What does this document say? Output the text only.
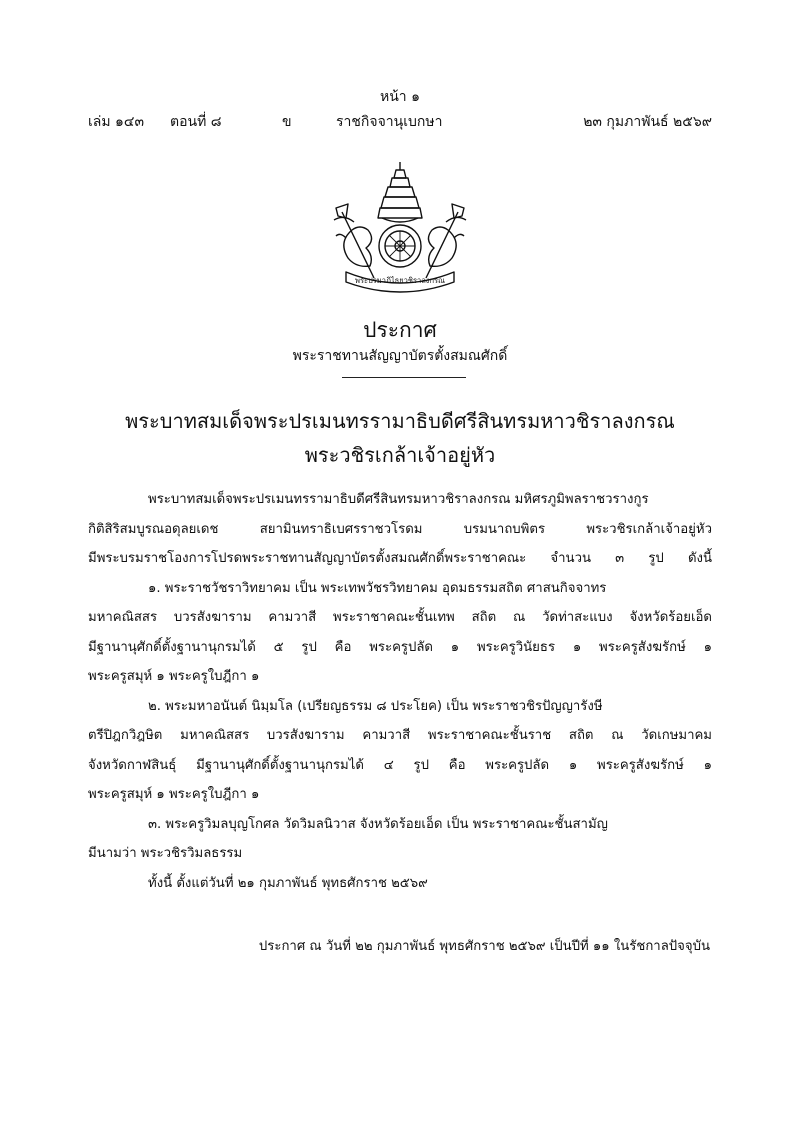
หน้า ๑
เล่ม ๑๔๓ ตอนที่ ๘	ข	ราชกิจจานุเบกษา	๒๓ กุมภาพันธ์ ๒๕๖๙
พระปรมาภิไธยวชิราลงกรณ
ประกาศ
พระราชทานสัญญาบัตรตั้งสมณศักดิ์
พระบาทสมเด็จพระปรเมนทรรามาธิบดีศรีสินทรมหาวชิราลงกรณ
พระวชิรเกล้าเจ้าอยู่หัว
พระบาทสมเด็จพระปรเมนทรรามาธิบดีศรีสินทรมหาวชิราลงกรณ มหิศรภูมิพลราชวรางกูร
กิติสิริสมบูรณอดุลยเดช สยามินทราธิเบศรราชวโรดม บรมนาถบพิตร พระวชิรเกล้าเจ้าอยู่หัว
มีพระบรมราชโองการโปรดพระราชทานสัญญาบัตรตั้งสมณศักดิ์พระราชาคณะ จำนวน ๓ รูป ดังนี้
๑. พระราชวัชราวิทยาคม เป็น พระเทพวัชรวิทยาคม อุดมธรรมสถิต ศาสนกิจจาทร
มหาคณิสสร บวรสังฆาราม คามวาสี พระราชาคณะชั้นเทพ สถิต ณ วัดท่าสะแบง จังหวัดร้อยเอ็ด
มีฐานานุศักดิ์ตั้งฐานานุกรมได้ ๕ รูป คือ พระครูปลัด ๑ พระครูวินัยธร ๑ พระครูสังฆรักษ์ ๑
พระครูสมุห์ ๑ พระครูใบฎีกา ๑
๒. พระมหาอนันต์ นิมฺมโล (เปรียญธรรม ๘ ประโยค) เป็น พระราชวชิรปัญญารังษี
ตรีปิฎกวิฎษิต มหาคณิสสร บวรสังฆาราม คามวาสี พระราชาคณะชั้นราช สถิต ณ วัดเกษมาคม
จังหวัดกาฬสินธุ์ มีฐานานุศักดิ์ตั้งฐานานุกรมได้ ๔ รูป คือ พระครูปลัด ๑ พระครูสังฆรักษ์ ๑
พระครูสมุห์ ๑ พระครูใบฎีกา ๑
๓. พระครูวิมลบุญโกศล วัดวิมลนิวาส จังหวัดร้อยเอ็ด เป็น พระราชาคณะชั้นสามัญ
มีนามว่า พระวชิรวิมลธรรม
ทั้งนี้ ตั้งแต่วันที่ ๒๑ กุมภาพันธ์ พุทธศักราช ๒๕๖๙
ประกาศ ณ วันที่ ๒๒ กุมภาพันธ์ พุทธศักราช ๒๕๖๙ เป็นปีที่ ๑๑ ในรัชกาลปัจจุบัน
